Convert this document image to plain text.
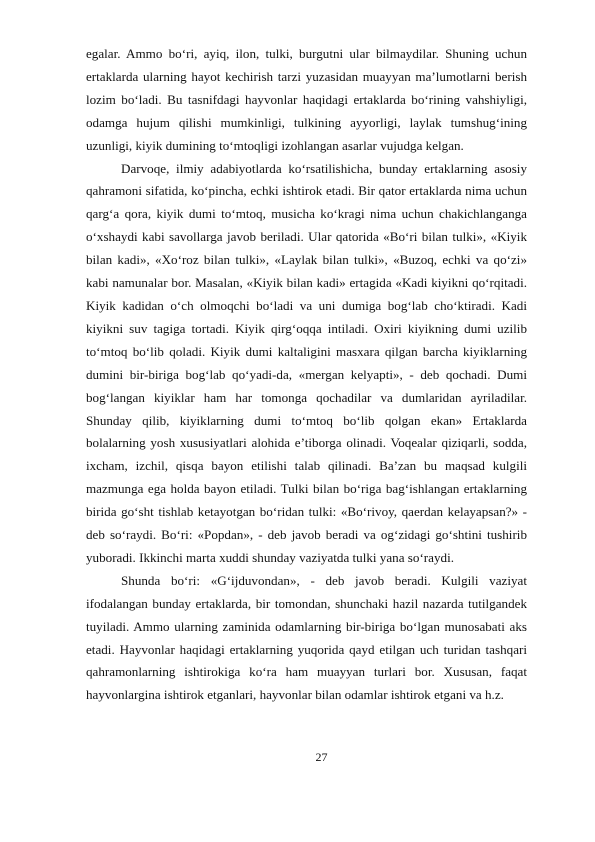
egalar. Ammo bo‘ri, ayiq, ilon, tulki, burgutni ular bilmaydilar. Shuning uchun ertaklarda ularning hayot kechirish tarzi yuzasidan muayyan ma’lumotlarni berish lozim bo‘ladi. Bu tasnifdagi hayvonlar haqidagi ertaklarda bo‘rining vahshiyligi, odamga hujum qilishi mumkinligi, tulkining ayyorligi, laylak tumshug‘ining uzunligi, kiyik dumining to‘mtoqligi izohlangan asarlar vujudga kelgan.

Darvoqe, ilmiy adabiyotlarda ko‘rsatilishicha, bunday ertaklarning asosiy qahramoni sifatida, ko‘pincha, echki ishtirok etadi. Bir qator ertaklarda nima uchun qarg‘a qora, kiyik dumi to‘mtoq, musicha ko‘kragi nima uchun chakichlanganga o‘xshaydi kabi savollarga javob beriladi. Ular qatorida «Bo‘ri bilan tulki», «Kiyik bilan kadi», «Xo‘roz bilan tulki», «Laylak bilan tulki», «Buzoq, echki va qo‘zi» kabi namunalar bor. Masalan, «Kiyik bilan kadi» ertagida «Kadi kiyikni qo‘rqitadi. Kiyik kadidan o‘ch olmoqchi bo‘ladi va uni dumiga bog‘lab cho‘ktiradi. Kadi kiyikni suv tagiga tortadi. Kiyik qirg‘oqqa intiladi. Oxiri kiyikning dumi uzilib to‘mtoq bo‘lib qoladi. Kiyik dumi kaltaligini masxara qilgan barcha kiyiklarning dumini bir-biriga bog‘lab qo‘yadi-da, «mergan kelyapti», - deb qochadi. Dumi bog‘langan kiyiklar ham har tomonga qochadilar va dumlaridan ayriladilar. Shunday qilib, kiyiklarning dumi to‘mtoq bo‘lib qolgan ekan» Ertaklarda bolalarning yosh xususiyatlari alohida e’tiborga olinadi. Voqealar qiziqarli, sodda, ixcham, izchil, qisqa bayon etilishi talab qilinadi. Ba’zan bu maqsad kulgili mazmunga ega holda bayon etiladi. Tulki bilan bo‘riga bag‘ishlangan ertaklarning birida go‘sht tishlab ketayotgan bo‘ridan tulki: «Bo‘rivoy, qaerdan kelayapsan?» - deb so‘raydi. Bo‘ri: «Popdan», - deb javob beradi va og‘zidagi go‘shtini tushirib yuboradi. Ikkinchi marta xuddi shunday vaziyatda tulki yana so‘raydi.

Shunda bo‘ri: «G‘ijduvondan», - deb javob beradi. Kulgili vaziyat ifodalangan bunday ertaklarda, bir tomondan, shunchaki hazil nazarda tutilgandek tuyiladi. Ammo ularning zaminida odamlarning bir-biriga bo‘lgan munosabati aks etadi. Hayvonlar haqidagi ertaklarning yuqorida qayd etilgan uch turidan tashqari qahramonlarning ishtirokiga ko‘ra ham muayyan turlari bor. Xususan, faqat hayvonlargina ishtirok etganlari, hayvonlar bilan odamlar ishtirok etgani va h.z.

27
